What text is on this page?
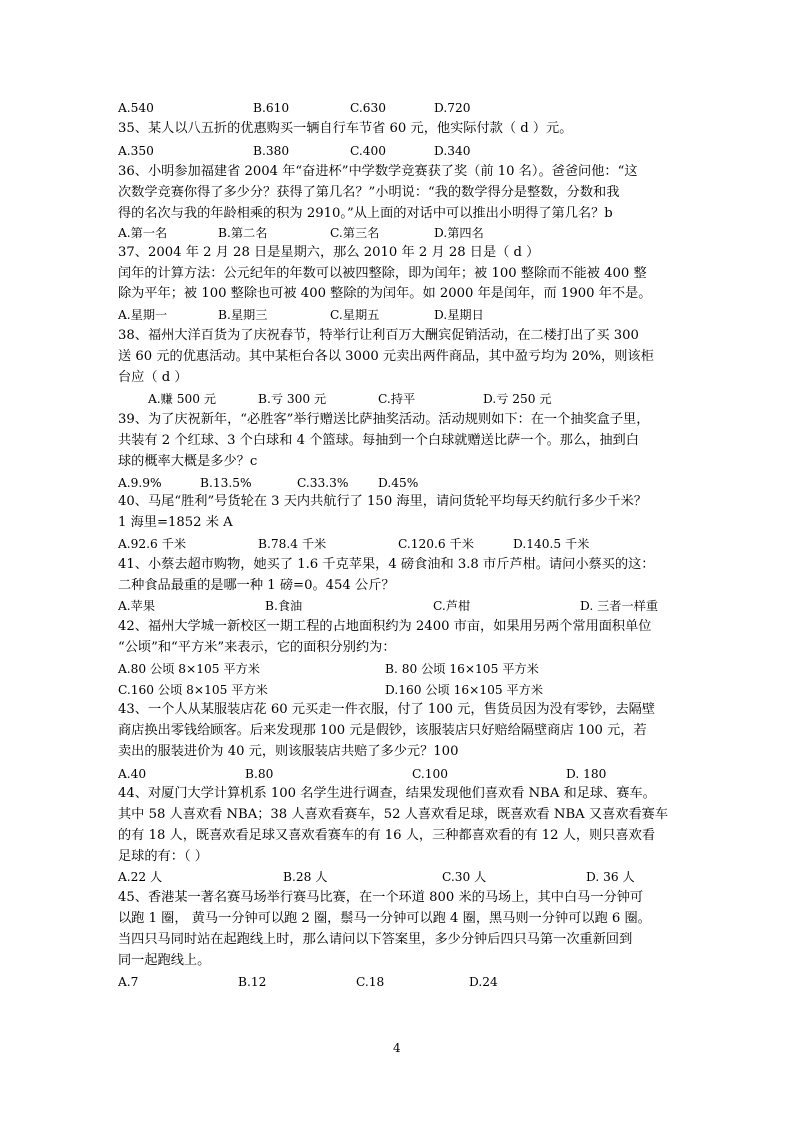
35、某人以八五折的优惠购买一辆自行车节省 60 元，他实际付款（ d ）元。
36、小明参加福建省 2004 年“奋进杯”中学数学竞赛获了奖（前 10 名）。爸爸问他：“这
次数学竞赛你得了多少分？获得了第几名？”小明说：“我的数学得分是整数，分数和我
得的名次与我的年龄相乘的积为 2910。”从上面的对话中可以推出小明得了第几名？b
37、2004 年 2 月 28 日是星期六，那么 2010 年 2 月 28 日是（ d ）
闰年的计算方法：公元纪年的年数可以被四整除，即为闰年；被 100 整除而不能被 400 整
除为平年；被 100 整除也可被 400 整除的为闰年。如 2000 年是闰年，而 1900 年不是。
38、福州大洋百货为了庆祝春节，特举行让利百万大酬宾促销活动，在二楼打出了买 300
送 60 元的优惠活动。其中某柜台各以 3000 元卖出两件商品，其中盈亏均为 20%，则该柜
台应（ d ）
39、为了庆祝新年，“必胜客”举行赠送比萨抽奖活动。活动规则如下：在一个抽奖盒子里，
共装有 2 个红球、3 个白球和 4 个篮球。每抽到一个白球就赠送比萨一个。那么，抽到白
球的概率大概是多少？c
40、马尾“胜利”号货轮在 3 天内共航行了 150 海里，请问货轮平均每天约航行多少千米？
1 海里=1852 米 A
41、小蔡去超市购物，她买了 1.6 千克苹果，4 磅食油和 3.8 市斤芦柑。请问小蔡买的这：
二种食品最重的是哪一种 1 磅=0。454 公斤？
42、福州大学城一新校区一期工程的占地面积约为 2400 市亩，如果用另两个常用面积单位
“公顷”和“平方米”来表示，它的面积分别约为：
43、一个人从某服装店花 60 元买走一件衣服，付了 100 元，售货员因为没有零钞，去隔壁
商店换出零钱给顾客。后来发现那 100 元是假钞，该服装店只好赔给隔壁商店 100 元，若
卖出的服装进价为 40 元，则该服装店共赔了多少元？100
44、对厦门大学计算机系 100 名学生进行调查，结果发现他们喜欢看 NBA 和足球、赛车。
其中 58 人喜欢看 NBA；38 人喜欢看赛车，52 人喜欢看足球，既喜欢看 NBA 又喜欢看赛车
的有 18 人，既喜欢看足球又喜欢看赛车的有 16 人，三种都喜欢看的有 12 人，则只喜欢看
足球的有：（ ）
45、香港某一著名赛马场举行赛马比赛，在一个环道 800 米的马场上，其中白马一分钟可
以跑 1 圈， 黄马一分钟可以跑 2 圈，鬃马一分钟可以跑 4 圈，黑马则一分钟可以跑 6 圈。
当四只马同时站在起跑线上时，那么请问以下答案里，多少分钟后四只马第一次重新回到
同一起跑线上。
A.540	B.610	C.630	D.720
A.350	B.380	C.400	D.340
A.第一名	B.第二名	C.第三名	D.第四名
A.星期一	B.星期三	C.星期五	D.星期日
A.赚 500 元	B.亏 300 元	C.持平	D.亏 250 元
A.9.9%	B.13.5%	C.33.3% D.45%
A.92.6 千米	B.78.4 千米	C.120.6 千米	D.140.5 千米
A.苹果	B.食油	C.芦柑	D. 三者一样重
A.80 公顷 8×105 平方米	B. 80 公顷 16×105 平方米
C.160 公顷 8×105 平方米	D.160 公顷 16×105 平方米
A.40	B.80	C.100	D. 180
A.22 人	B.28 人	C.30 人	D. 36 人
A.7	B.12	C.18	D.24
4
